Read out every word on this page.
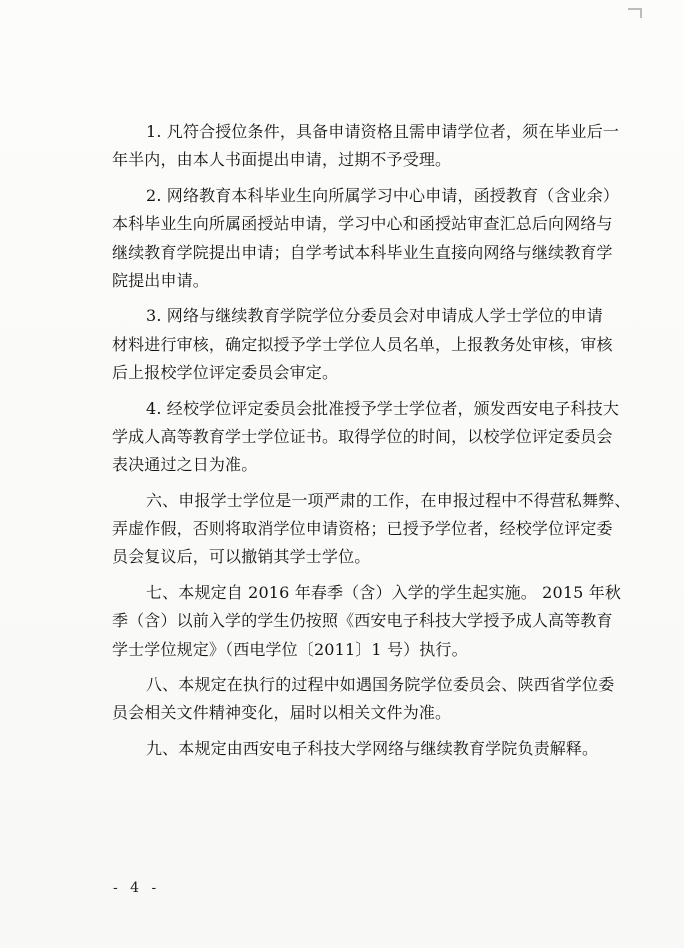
1. 凡符合授位条件，具备申请资格且需申请学位者，须在毕业后一
年半内，由本人书面提出申请，过期不予受理。

2. 网络教育本科毕业生向所属学习中心申请，函授教育（含业余）
本科毕业生向所属函授站申请，学习中心和函授站审查汇总后向网络与
继续教育学院提出申请；自学考试本科毕业生直接向网络与继续教育学
院提出申请。

3. 网络与继续教育学院学位分委员会对申请成人学士学位的申请
材料进行审核，确定拟授予学士学位人员名单，上报教务处审核，审核
后上报校学位评定委员会审定。

4. 经校学位评定委员会批准授予学士学位者，颁发西安电子科技大
学成人高等教育学士学位证书。取得学位的时间，以校学位评定委员会
表决通过之日为准。

六、申报学士学位是一项严肃的工作，在申报过程中不得营私舞弊、
弄虚作假，否则将取消学位申请资格；已授予学位者，经校学位评定委
员会复议后，可以撤销其学士学位。

七、本规定自 2016 年春季（含）入学的学生起实施。 2015 年秋
季（含）以前入学的学生仍按照《西安电子科技大学授予成人高等教育
学士学位规定》（西电学位〔2011〕1 号）执行。

八、本规定在执行的过程中如遇国务院学位委员会、陕西省学位委
员会相关文件精神变化，届时以相关文件为准。

九、本规定由西安电子科技大学网络与继续教育学院负责解释。

- 4 -
